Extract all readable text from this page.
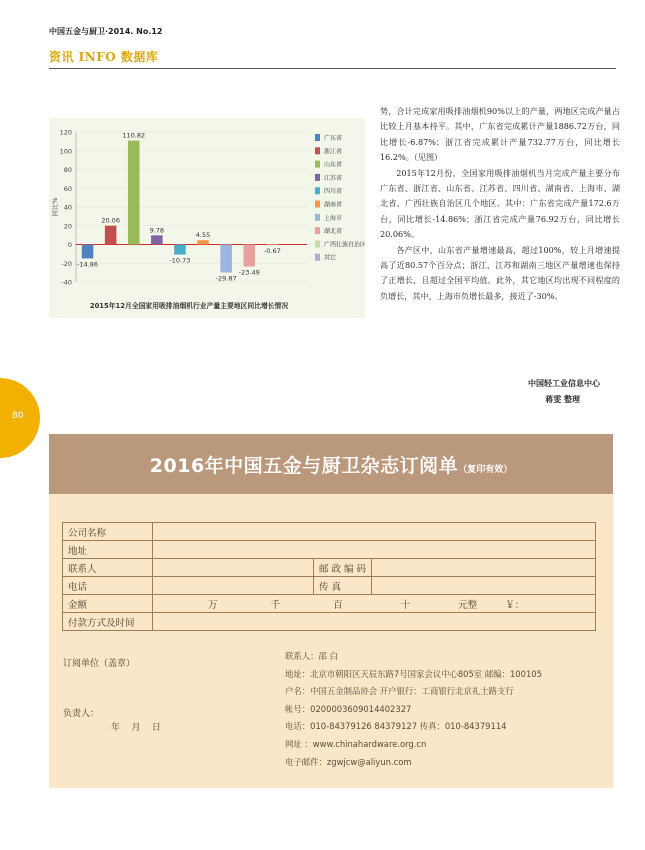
中国五金与厨卫·2014. No.12
资讯 INFO 数据库
-40
-20
0
20
40
60
80
100
120
同比%
-14.86
20.06
110.82
9.78
-10.73
4.55
-29.87
-23.49
-0.67
广东省
浙江省
山东省
江苏省
四川省
湖南省
上海市
湖北省
广西壮族自治区
其它
2015年12月全国家用吸排油烟机行业产量主要地区同比增长情况

势，合计完成家用吸排油烟机90%以上的产量，两地区完成产量占比较上月基本持平。其中，广东省完成累计产量1886.72万台，同比增长-6.87%；浙江省完成累计产量732.77万台，同比增长16.2%。（见图）

2015年12月份，全国家用吸排油烟机当月完成产量主要分布广东省、浙江省、山东省、江苏省、四川省、湖南省、上海市、湖北省、广西壮族自治区几个地区。其中：广东省完成产量172.6万台，同比增长-14.86%；浙江省完成产量76.92万台，同比增长20.06%。

各产区中，山东省产量增速最高，超过100%，较上月增速提高了近80.57个百分点；浙江、江苏和湖南三地区产量增速也保持了正增长，且超过全国平均值。此外，其它地区均出现不同程度的负增长，其中，上海市负增长最多，接近了-30%。

中国轻工业信息中心
蒋雯 整理
80
2016年中国五金与厨卫杂志订阅单（复印有效）
公司名称			
地址			
联系人		邮 政 编 码	
电话		传 真	
金额	万 千 百 十 元整 ￥：		
付款方式及时间			
订阅单位（盖章）
负责人：
年    月    日
联系人：邵 白
地址：北京市朝阳区天辰东路7号国家会议中心805室 邮编：100105
户名：中国五金制品协会 开户银行：工商银行北京礼士路支行
帐号：0200003609014402327
电话：010-84379126 84379127 传真：010-84379114
网址 ：www.chinahardware.org.cn
电子邮件：zgwjcw@aliyun.com
